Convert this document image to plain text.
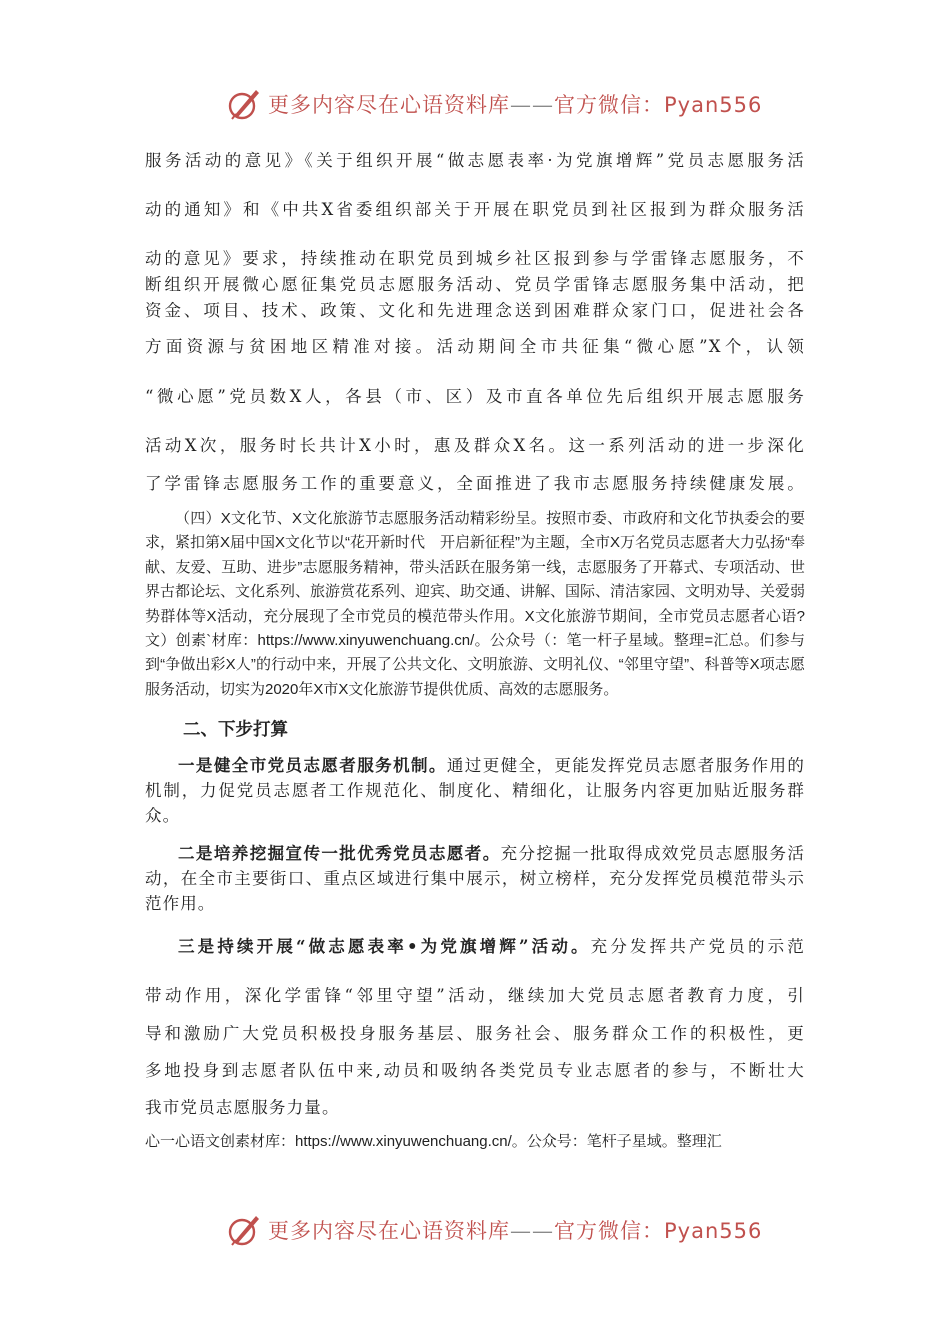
更多内容尽在心语资料库——官方微信：Pyan556

服务活动的意见》《关于组织开展“做志愿表率·为党旗增辉”党员志愿服务活
动的通知》和《中共X省委组织部关于开展在职党员到社区报到为群众服务活
动的意见》要求，持续推动在职党员到城乡社区报到参与学雷锋志愿服务，不
断组织开展微心愿征集党员志愿服务活动、党员学雷锋志愿服务集中活动，把
资金、项目、技术、政策、文化和先进理念送到困难群众家门口，促进社会各
方面资源与贫困地区精准对接。活动期间全市共征集“微心愿”X个，认领
“微心愿”党员数X人，各县（市、区）及市直各单位先后组织开展志愿服务
活动X次，服务时长共计X小时，惠及群众X名。这一系列活动的进一步深化
了学雷锋志愿服务工作的重要意义，全面推进了我市志愿服务持续健康发展。

（四）X文化节、X文化旅游节志愿服务活动精彩纷呈。按照市委、市政府和文化节执委会的要求，紧扣第X届中国X文化节以“花开新时代　开启新征程”为主题，全市X万名党员志愿者大力弘扬“奉献、友爱、互助、进步”志愿服务精神，带头活跃在服务第一线，志愿服务了开幕式、专项活动、世界古都论坛、文化系列、旅游赏花系列、迎宾、助交通、讲解、国际、清洁家园、文明劝导、关爱弱势群体等X活动，充分展现了全市党员的模范带头作用。X文化旅游节期间，全市党员志愿者心语?文）创素`材库：https://www.xinyuwenchuang.cn/。公众号（：笔一杆子星域。整理=汇总。们参与到“争做出彩X人”的行动中来，开展了公共文化、文明旅游、文明礼仪、“邻里守望”、科普等X项志愿服务活动，切实为2020年X市X文化旅游节提供优质、高效的志愿服务。

二、下步打算

一是健全市党员志愿者服务机制。通过更健全，更能发挥党员志愿者服务作用的机制，力促党员志愿者工作规范化、制度化、精细化，让服务内容更加贴近服务群众。

二是培养挖掘宣传一批优秀党员志愿者。充分挖掘一批取得成效党员志愿服务活动，在全市主要街口、重点区域进行集中展示，树立榜样，充分发挥党员模范带头示范作用。

三是持续开展“做志愿表率•为党旗增辉”活动。充分发挥共产党员的示范
带动作用，深化学雷锋“邻里守望”活动，继续加大党员志愿者教育力度，引
导和激励广大党员积极投身服务基层、服务社会、服务群众工作的积极性，更
多地投身到志愿者队伍中来,动员和吸纳各类党员专业志愿者的参与，不断壮大
我市党员志愿服务力量。

心一心语文创素材库：https://www.xinyuwenchuang.cn/。公众号：笔杆子星域。整理汇

更多内容尽在心语资料库——官方微信：Pyan556
